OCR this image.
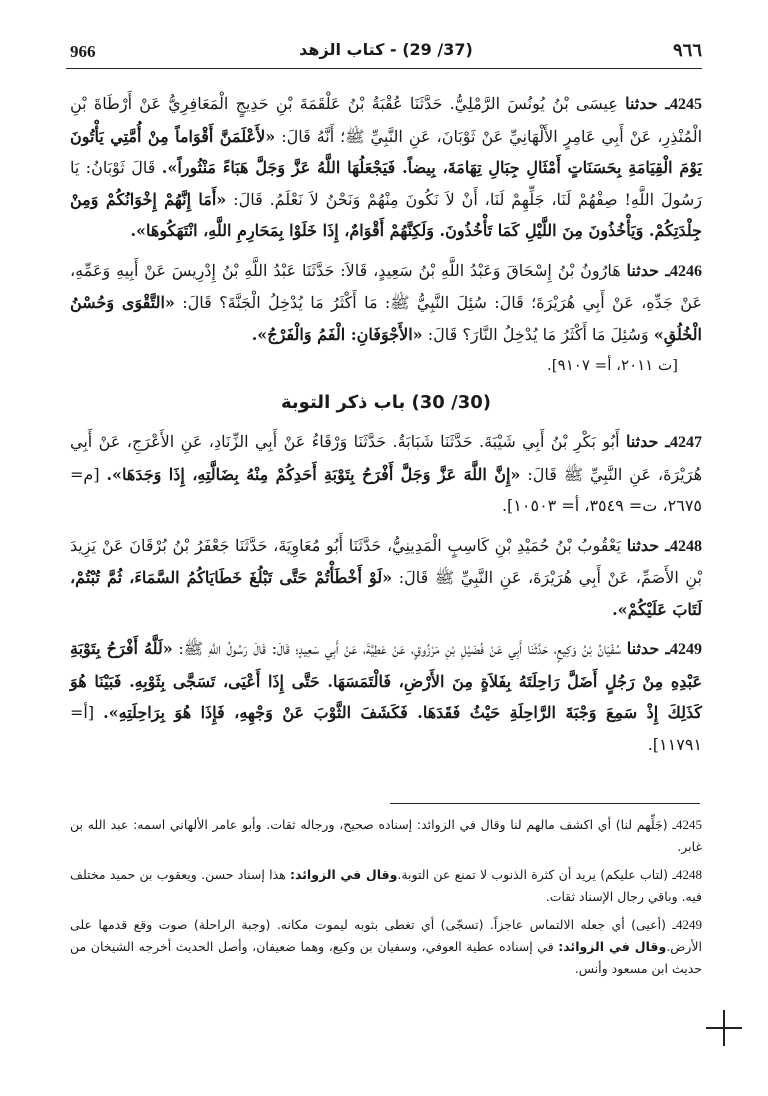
966	(37/ 29) - كتاب الزهد	٩٦٦

4245ـ حدثنا عِيسَى بْنُ يُونُسَ الرَّمْلِيُّ. حَدَّثَنَا عُقْبَةُ بْنُ عَلْقَمَةَ بْنِ حَدِيجٍ الْمَعَافِرِيُّ عَنْ أَرْطَاةَ بْنِ الْمُنْذِرِ، عَنْ أَبِي عَامِرٍ الأَلْهَانِيِّ عَنْ ثَوْبَانَ، عَنِ النَّبِيِّ ﷺ؛ أَنَّهُ قَالَ: «لأَعْلَمَنَّ أَقْوَاماً مِنْ أُمَّتِي يَأْتُونَ يَوْمَ الْقِيَامَةِ بِحَسَنَاتٍ أَمْثَالِ جِبَالِ تِهَامَةَ، بِيضاً. فَيَجْعَلُهَا اللَّهُ عَزَّ وَجَلَّ هَبَاءً مَنْثُوراً». قَالَ ثَوْبَانُ: يَا رَسُولَ اللَّهِ! صِفْهُمْ لَنَا، جَلِّهِمْ لَنَا، أَنْ لاَ نَكُونَ مِنْهُمْ وَنَحْنُ لاَ نَعْلَمُ. قَالَ: «أَمَا إِنَّهُمْ إِخْوَانُكُمْ وَمِنْ جِلْدَتِكُمْ. وَيَأْخُذُونَ مِنَ اللَّيْلِ كَمَا تَأْخُذُونَ. وَلَكِنَّهُمْ أَقْوَامٌ، إِذَا خَلَوْا بِمَحَارِمِ اللَّهِ، انْتَهَكُوهَا».

4246ـ حدثنا هَارُونُ بْنُ إِسْحَاقَ وَعَبْدُ اللَّهِ بْنُ سَعِيدٍ، قَالاَ: حَدَّثَنَا عَبْدُ اللَّهِ بْنُ إِدْرِيسَ عَنْ أَبِيهِ وَعَمِّهِ، عَنْ جَدِّهِ، عَنْ أَبِي هُرَيْرَةَ؛ قَالَ: سُئِلَ النَّبِيُّ ﷺ: مَا أَكْثَرُ مَا يُدْخِلُ الْجَنَّةَ؟ قَالَ: «التَّقْوَى وَحُسْنُ الْخُلُقِ» وَسُئِلَ مَا أَكْثَرُ مَا يُدْخِلُ النَّارَ؟ قَالَ: «الأَجْوَفَانِ: الْفَمُ وَالْفَرْجُ».

[ت ٢٠١١، أ= ٩١٠٧].
(30/ 30) باب ذكر التوبة

4247ـ حدثنا أَبُو بَكْرِ بْنُ أَبِي شَيْبَةَ. حَدَّثَنَا شَبَابَةُ. حَدَّثَنَا وَرْقَاءُ عَنْ أَبِي الزِّنَادِ، عَنِ الأَعْرَجِ، عَنْ أَبِي هُرَيْرَةَ، عَنِ النَّبِيِّ ﷺ قَالَ: «إِنَّ اللَّهَ عَزَّ وَجَلَّ أَفْرَحُ بِتَوْبَةِ أَحَدِكُمْ مِنْهُ بِضَالَّتِهِ، إِذَا وَجَدَهَا». [م= ٢٦٧٥، ت= ٣٥٤٩، أ= ١٠٥٠٣].

4248ـ حدثنا يَعْقُوبُ بْنُ حُمَيْدِ بْنِ كَاسِبٍ الْمَدِينِيُّ، حَدَّثَنَا أَبُو مُعَاوِيَةَ، حَدَّثَنَا جَعْفَرُ بْنُ بُرْقَانَ عَنْ يَزِيدَ بْنِ الأَصَمِّ، عَنْ أَبِي هُرَيْرَةَ، عَنِ النَّبِيِّ ﷺ قَالَ: «لَوْ أَخْطَأْتُمْ حَتَّى تَبْلُغَ خَطَايَاكُمُ السَّمَاءَ، ثُمَّ تُبْتُمْ، لَتَابَ عَلَيْكُمْ».

4249ـ حدثنا سُفْيَانُ بْنُ وَكِيعٍ، حَدَّثَنَا أَبِي عَنْ فُضَيْلِ بْنِ مَرْزُوقٍ، عَنْ عَطِيَّةَ، عَنْ أَبِي سَعِيدٍ؛ قَالَ: قَالَ رَسُولُ اللَّهِ ﷺ: «لَلَّهُ أَفْرَحُ بِتَوْبَةِ عَبْدِهِ مِنْ رَجُلٍ أَضَلَّ رَاحِلَتَهُ بِفَلاَةٍ مِنَ الأَرْضِ، فَالْتَمَسَهَا. حَتَّى إِذَا أَعْيَى، تَسَجَّى بِثَوْبِهِ. فَبَيْنَا هُوَ كَذَلِكَ إِذْ سَمِعَ وَجْبَةَ الرَّاحِلَةِ حَيْثُ فَقَدَهَا. فَكَشَفَ الثَّوْبَ عَنْ وَجْهِهِ، فَإِذَا هُوَ بِرَاحِلَتِهِ». [أ= ١١٧٩١].

4245ـ (جَلِّهم لنا) أي اكشف مالهم لنا وقال في الزوائد: إسناده صحيح، ورجاله ثقات. وأبو عامر الألهاني اسمه: عبد الله بن غابر.

4248ـ (لتاب عليكم) يريد أن كثرة الذنوب لا تمنع عن التوبة.وقال في الزوائد: هذا إسناد حسن. ويعقوب بن حميد مختلف فيه. وباقي رجال الإسناد ثقات.

4249ـ (أعيى) أي جعله الالتماس عاجزاً. (تسجّى) أي تغطى بثوبه ليموت مكانه. (وجبة الراحلة) صوت وقع قدمها على الأرض.وقال في الزوائد: في إسناده عطية العوفي، وسفيان بن وكيع، وهما ضعيفان، وأصل الحديث أخرجه الشيخان من حديث ابن مسعود وأنس.
